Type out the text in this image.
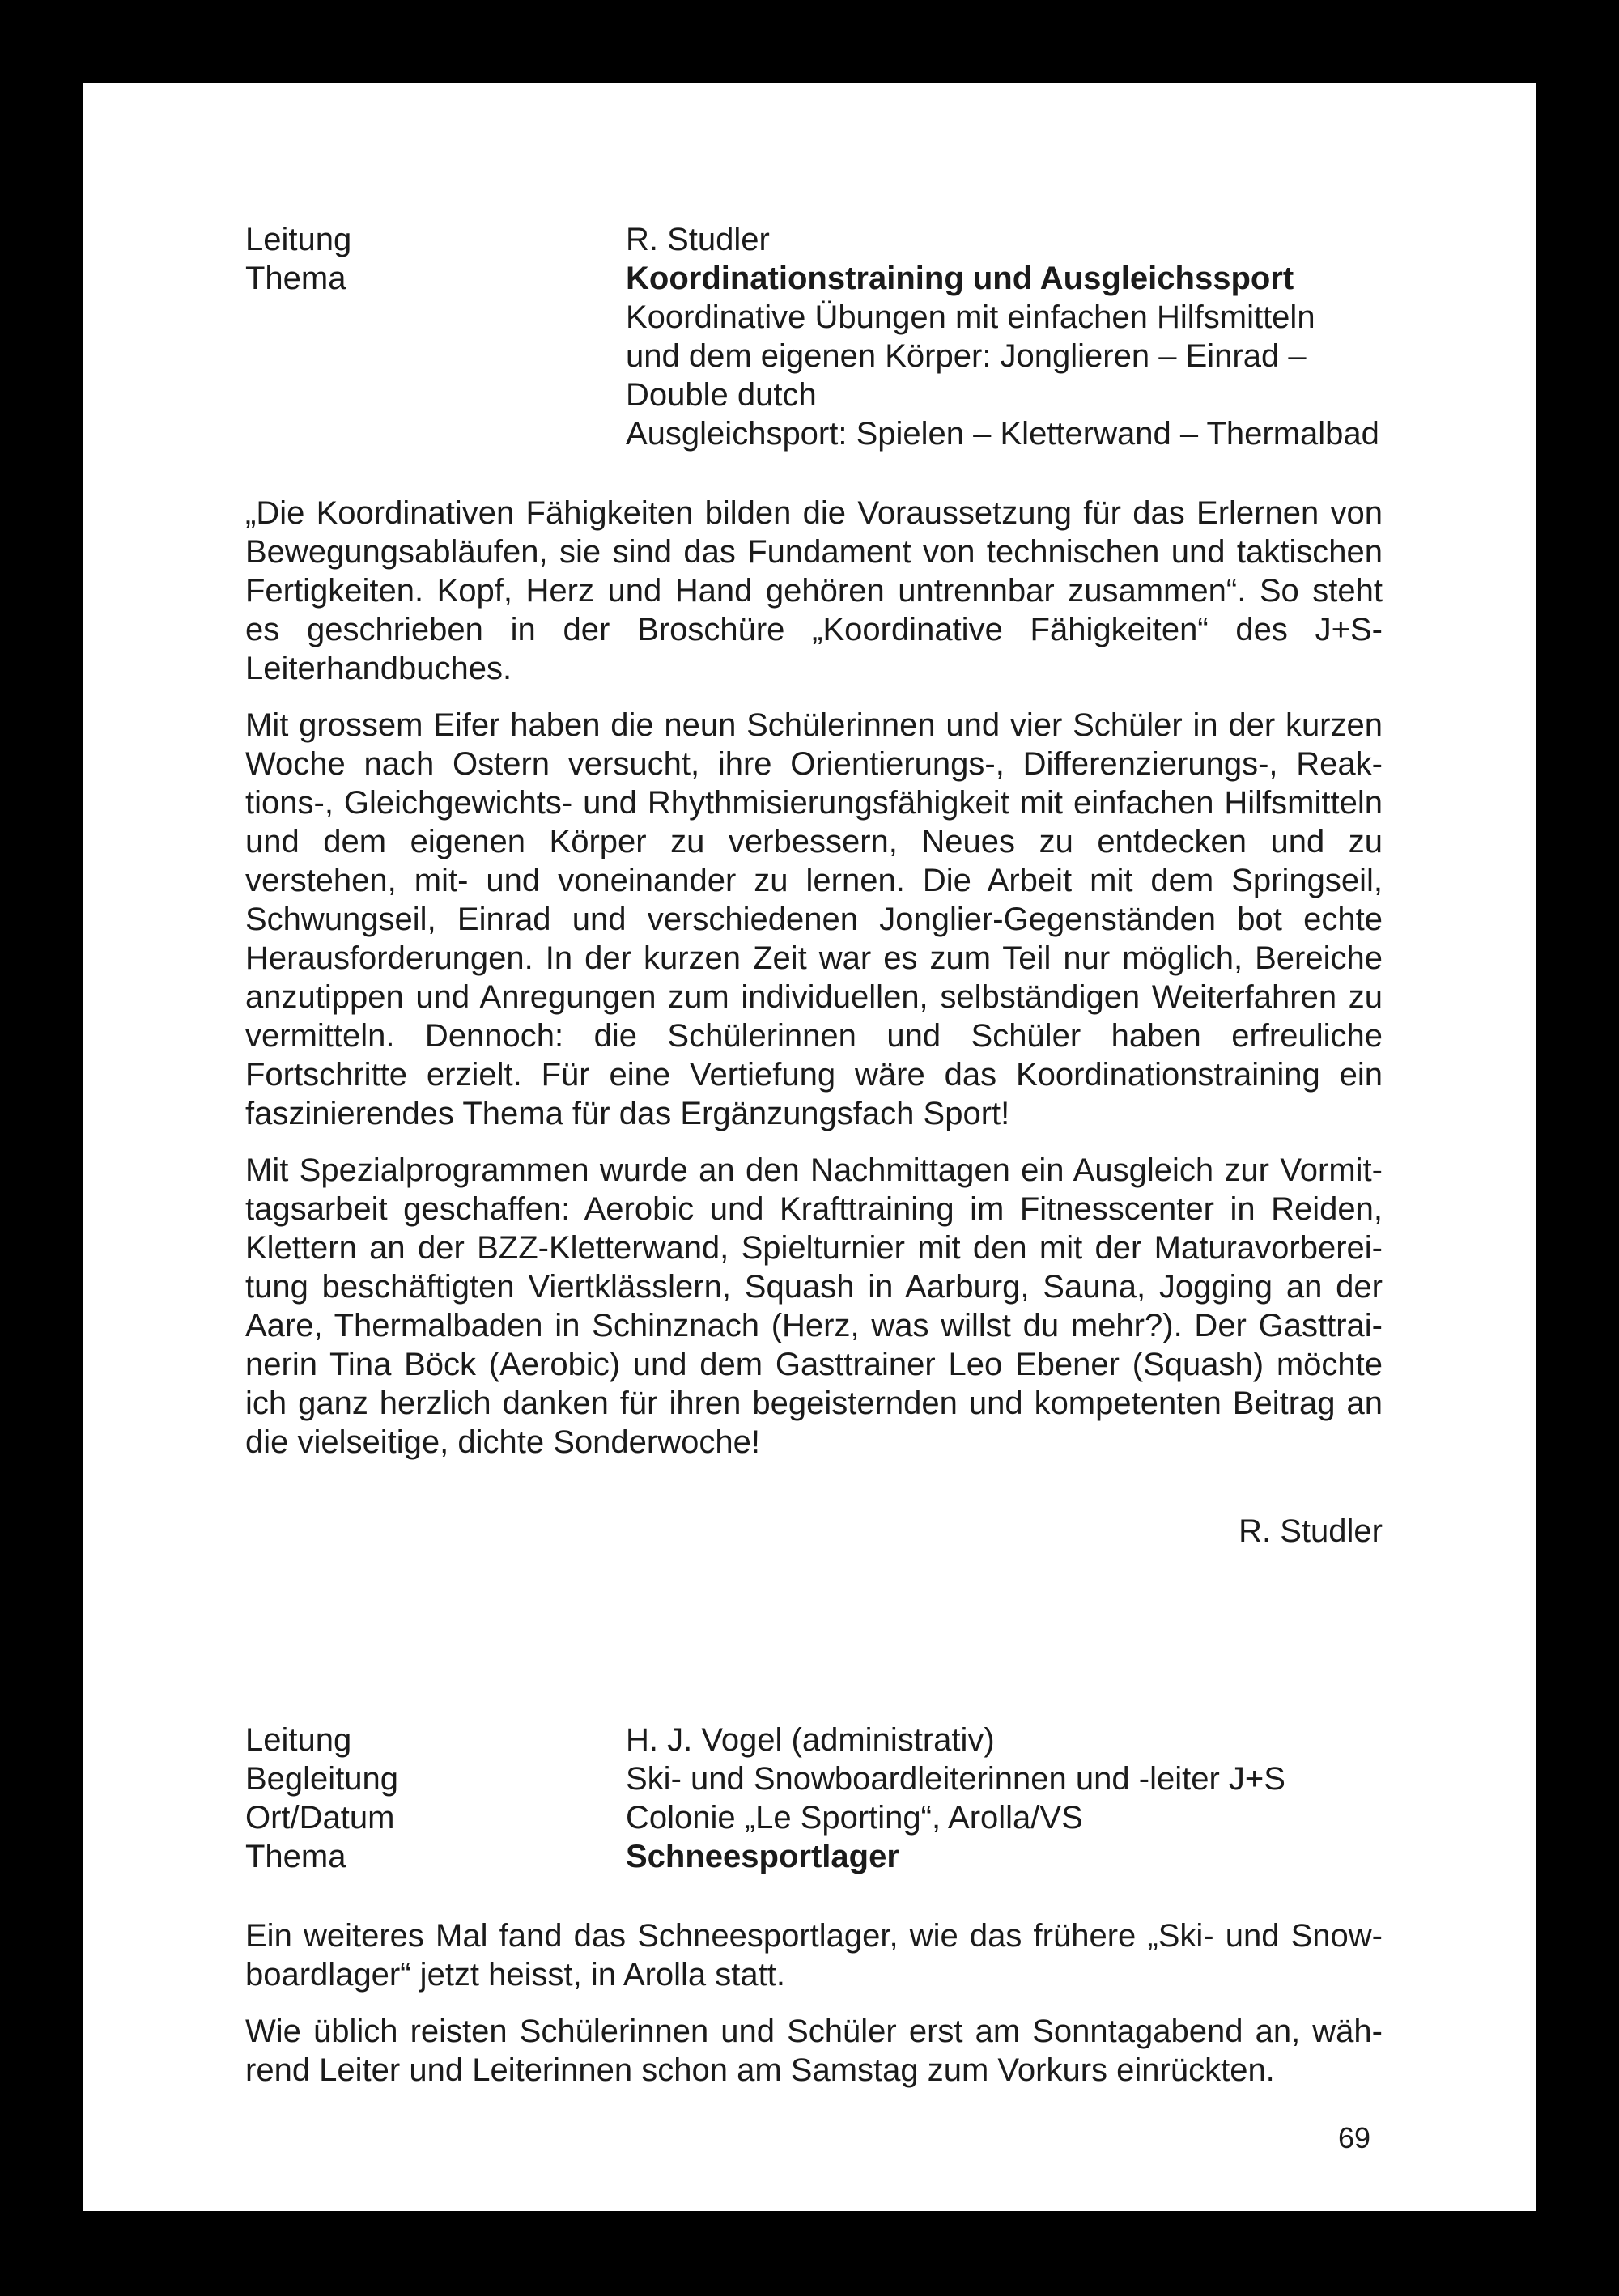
Leitung	R. Studler
Thema	Koordinationstraining und Ausgleichssport
Koordinative Übungen mit einfachen Hilfsmitteln
und dem eigenen Körper: Jonglieren – Einrad –
Double dutch
Ausgleichsport: Spielen – Kletterwand – Thermalbad

„Die Koordinativen Fähigkeiten bilden die Voraussetzung für das Erlernen von Bewegungsabläufen, sie sind das Fundament von technischen und taktischen Fertigkeiten. Kopf, Herz und Hand gehören untrennbar zusammen“. So steht es geschrieben in der Broschüre „Koordinative Fähigkeiten“ des J+S-Leiterhandbuches.

Mit grossem Eifer haben die neun Schülerinnen und vier Schüler in der kurzen Woche nach Ostern versucht, ihre Orientierungs-, Differenzierungs-, Reaktions-, Gleichgewichts- und Rhythmisierungsfähigkeit mit einfachen Hilfsmitteln und dem eigenen Körper zu verbessern, Neues zu entdecken und zu verstehen, mit- und voneinander zu lernen. Die Arbeit mit dem Springseil, Schwungseil, Einrad und verschiedenen Jonglier-Gegenständen bot echte Herausforderungen. In der kurzen Zeit war es zum Teil nur möglich, Bereiche anzutippen und Anregungen zum individuellen, selbständigen Weiterfahren zu vermitteln. Dennoch: die Schülerinnen und Schüler haben erfreuliche Fortschritte erzielt. Für eine Vertiefung wäre das Koordinationstraining ein faszinierendes Thema für das Ergänzungsfach Sport!

Mit Spezialprogrammen wurde an den Nachmittagen ein Ausgleich zur Vormittagsarbeit geschaffen: Aerobic und Krafttraining im Fitnesscenter in Reiden, Klettern an der BZZ-Kletterwand, Spielturnier mit den mit der Maturavorbereitung beschäftigten Viertklässlern, Squash in Aarburg, Sauna, Jogging an der Aare, Thermalbaden in Schinznach (Herz, was willst du mehr?). Der Gasttrainerin Tina Böck (Aerobic) und dem Gasttrainer Leo Ebener (Squash) möchte ich ganz herzlich danken für ihren begeisternden und kompetenten Beitrag an die vielseitige, dichte Sonderwoche!

R. Studler
Leitung	H. J. Vogel (administrativ)
Begleitung	Ski- und Snowboardleiterinnen und -leiter J+S
Ort/Datum	Colonie „Le Sporting“, Arolla/VS
Thema	Schneesportlager

Ein weiteres Mal fand das Schneesportlager, wie das frühere „Ski- und Snowboardlager“ jetzt heisst, in Arolla statt.

Wie üblich reisten Schülerinnen und Schüler erst am Sonntagabend an, während Leiter und Leiterinnen schon am Samstag zum Vorkurs einrückten.

69
